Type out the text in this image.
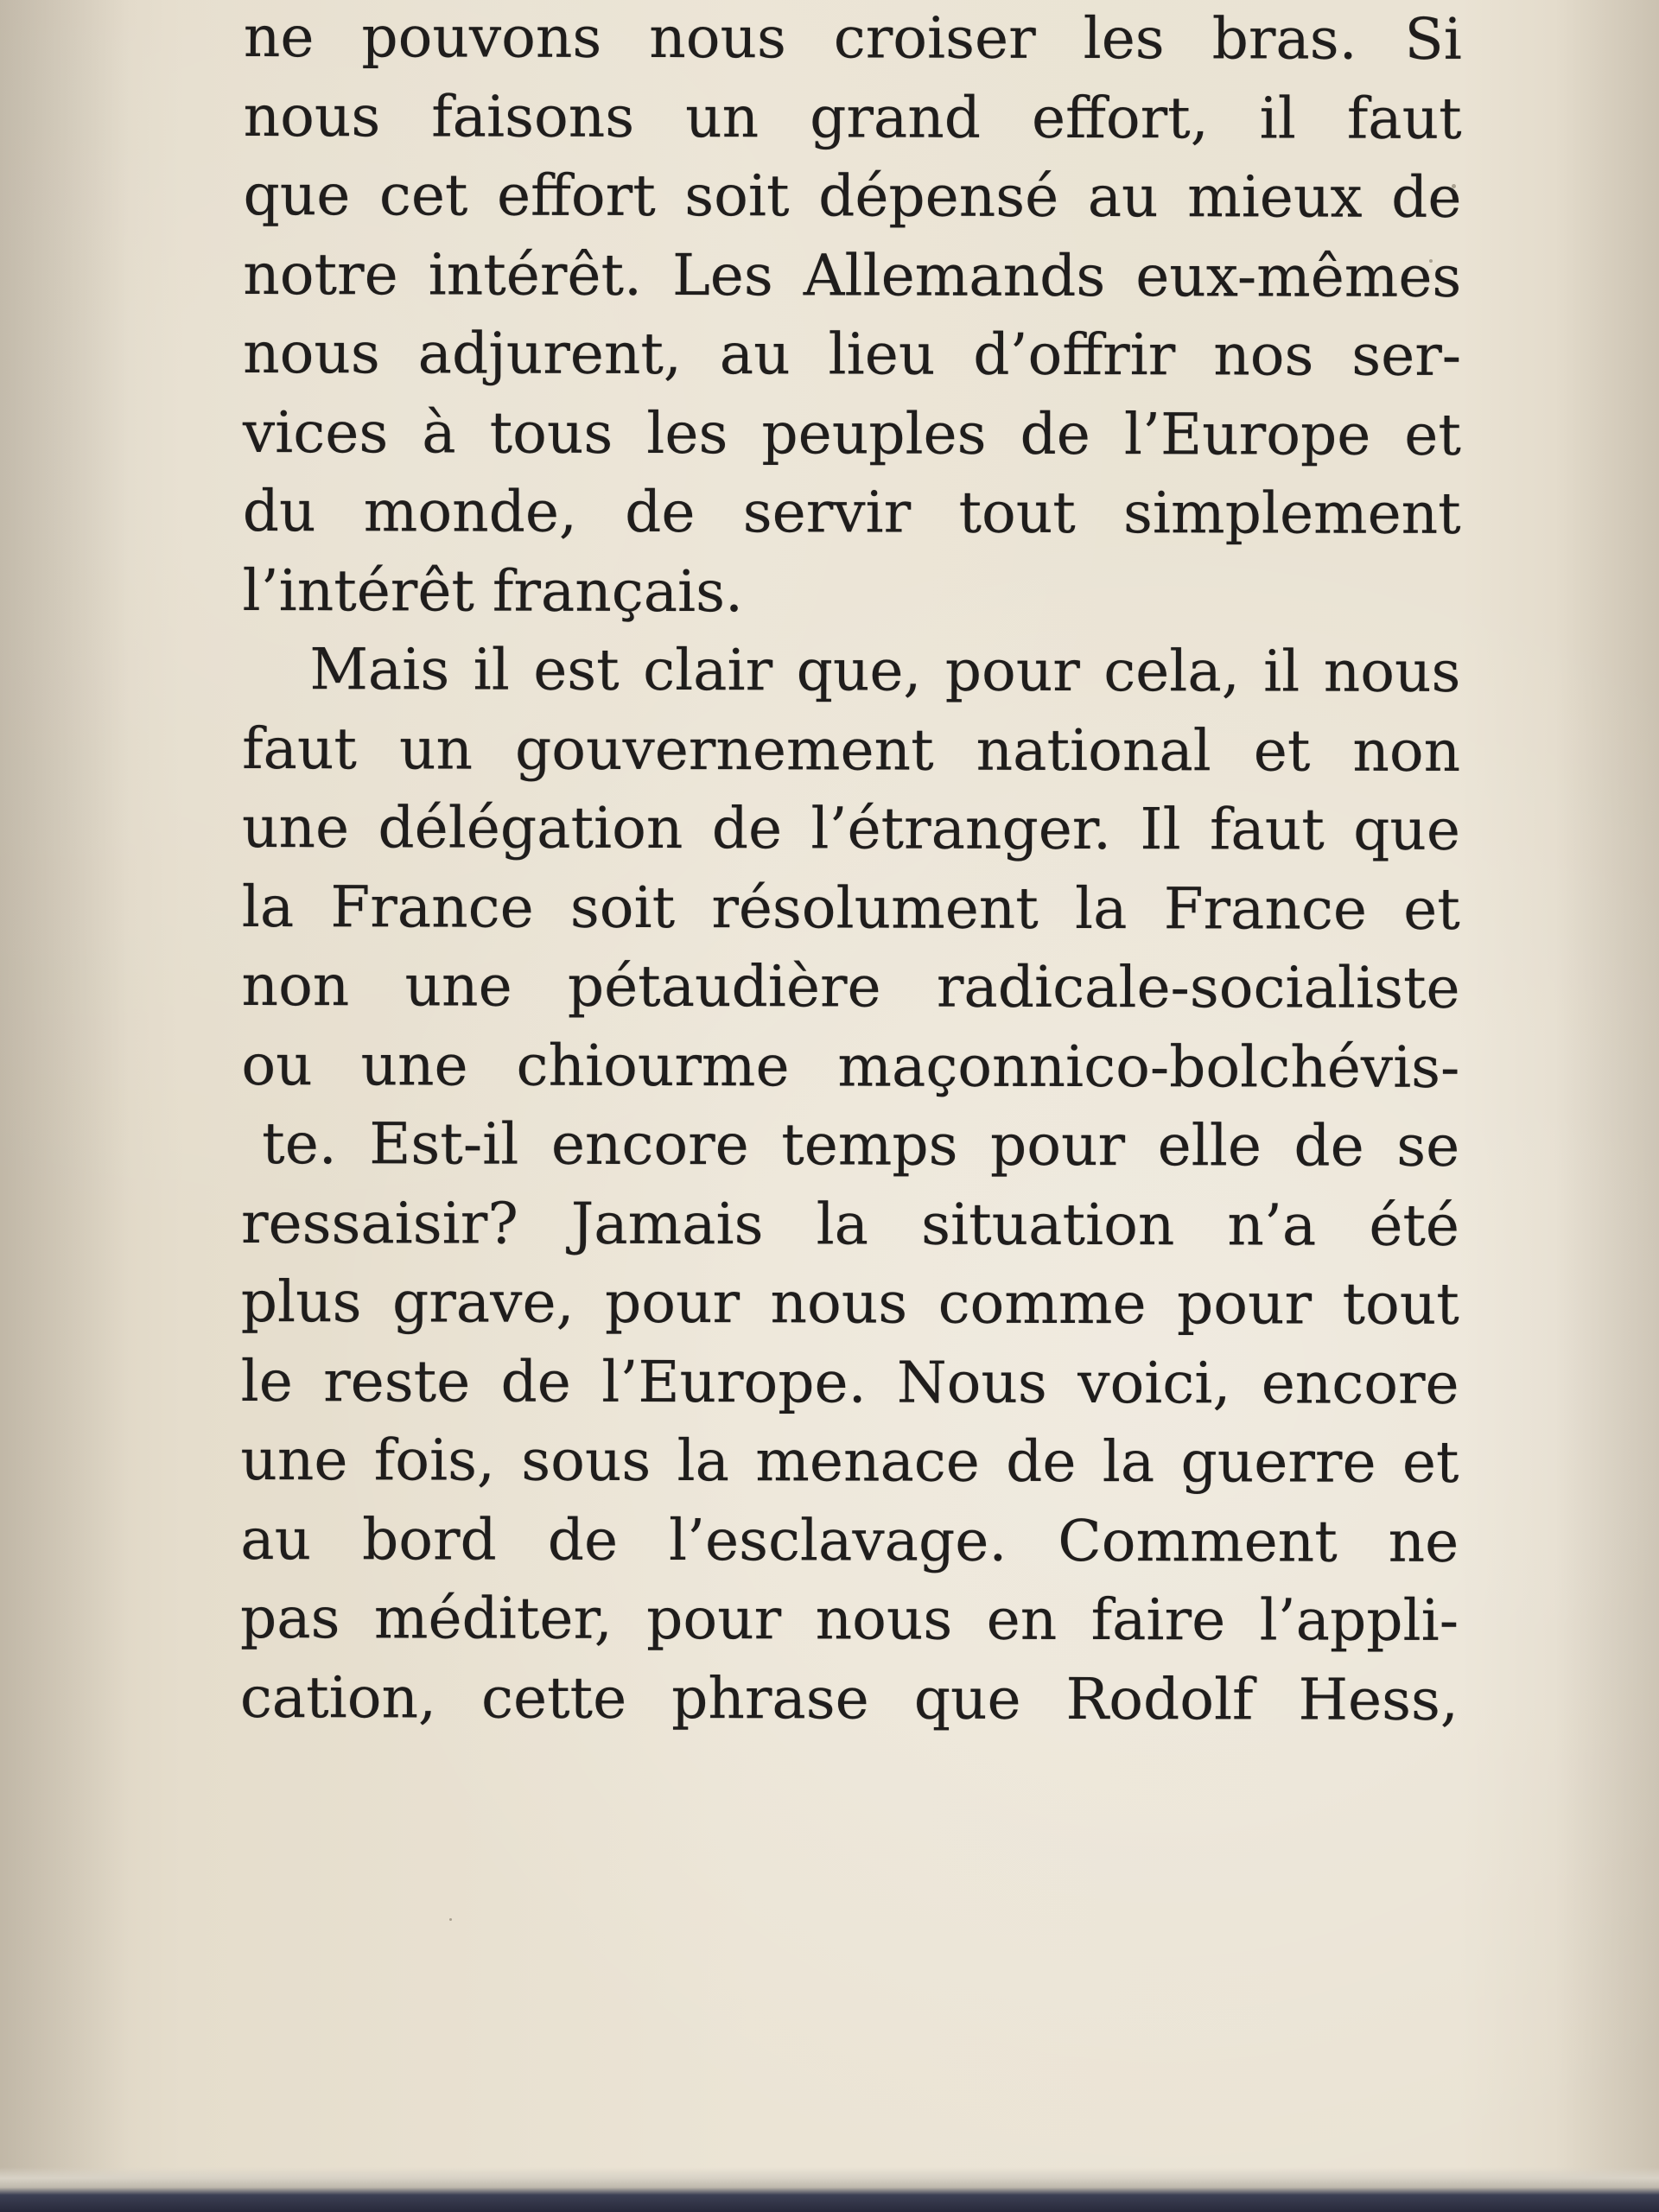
ne pouvons nous croiser les bras. Si
nous faisons un grand effort, il faut
que cet effort soit dépensé au mieux de
notre intérêt. Les Allemands eux-mêmes
nous adjurent, au lieu d’offrir nos ser-
vices à tous les peuples de l’Europe et
du monde, de servir tout simplement
l’intérêt français.
Mais il est clair que, pour cela, il nous
faut un gouvernement national et non
une délégation de l’étranger. Il faut que
la France soit résolument la France et
non une pétaudière radicale-socialiste
ou une chiourme maçonnico-bolchévis-
te. Est-il encore temps pour elle de se
ressaisir? Jamais la situation n’a été
plus grave, pour nous comme pour tout
le reste de l’Europe. Nous voici, encore
une fois, sous la menace de la guerre et
au bord de l’esclavage. Comment ne
pas méditer, pour nous en faire l’appli-
cation, cette phrase que Rodolf Hess,
